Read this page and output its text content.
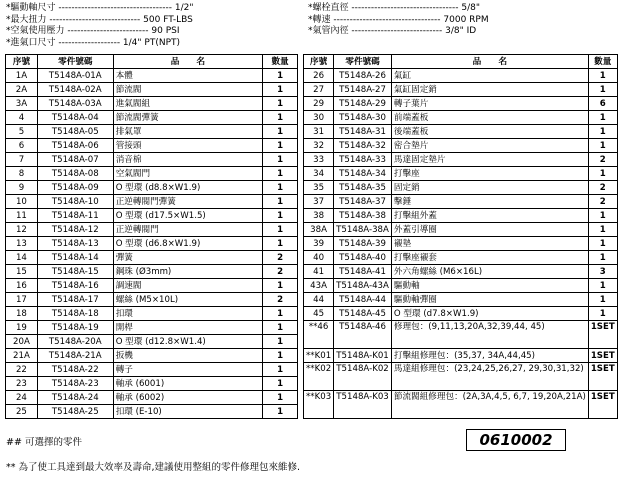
*驅動軸尺寸 ----------------------------------- 1/2"
*最大扭力 ---------------------------- 500 FT-LBS
*空氣使用壓力 ------------------------- 90 PSI
*進氣口尺寸 ------------------- 1/4" PT(NPT)
*螺栓直徑 --------------------------------- 5/8"
*轉速 --------------------------------- 7000 RPM
*氣管內徑 ---------------------------- 3/8" ID
序號	零件號碼	品　　名	數量
1A	T5148A-01A	本體	1
2A	T5148A-02A	節流閥	1
3A	T5148A-03A	進氣閥組	1
4	T5148A-04	節流閥彈簧	1
5	T5148A-05	排氣罩	1
6	T5148A-06	管接頭	1
7	T5148A-07	消音棉	1
8	T5148A-08	空氣閥門	1
9	T5148A-09	O 型環 (d8.8×W1.9)	1
10	T5148A-10	正逆轉閥門彈簧	1
11	T5148A-11	O 型環 (d17.5×W1.5)	1
12	T5148A-12	正逆轉閥門	1
13	T5148A-13	O 型環 (d6.8×W1.9)	1
14	T5148A-14	彈簧	2
15	T5148A-15	鋼珠 (Ø3mm)	2
16	T5148A-16	調速閥	1
17	T5148A-17	螺絲 (M5×10L)	2
18	T5148A-18	扣環	1
19	T5148A-19	開桿	1
20A	T5148A-20A	O 型環 (d12.8×W1.4)	1
21A	T5148A-21A	扳機	1
22	T5148A-22	轉子	1
23	T5148A-23	軸承 (6001)	1
24	T5148A-24	軸承 (6002)	1
25	T5148A-25	扣環 (E-10)	1
序號	零件號碼	品　　名	數量
26	T5148A-26	氣缸	1
27	T5148A-27	氣缸固定銷	1
29	T5148A-29	轉子葉片	6
30	T5148A-30	前端蓋板	1
31	T5148A-31	後端蓋板	1
32	T5148A-32	密合墊片	1
33	T5148A-33	馬達固定墊片	2
34	T5148A-34	打擊座	1
35	T5148A-35	固定銷	2
37	T5148A-37	擊錘	2
38	T5148A-38	打擊組外蓋	1
38A	T5148A-38A	外蓋引導圈	1
39	T5148A-39	襯墊	1
40	T5148A-40	打擊座襯套	1
41	T5148A-41	外六角螺絲 (M6×16L)	3
43A	T5148A-43A	驅動軸	1
44	T5148A-44	驅動軸彈圈	1
45	T5148A-45	O 型環 (d7.8×W1.9)	1
**46	T5148A-46	修理包：(9,11,13,20A,32,39,44, 45)	1SET
**K01	T5148A-K01	打擊組修理包：(35,37, 34A,44,45)	1SET
**K02	T5148A-K02	馬達組修理包：(23,24,25,26,27, 29,30,31,32)	1SET
**K03	T5148A-K03	節流閥組修理包：(2A,3A,4,5, 6,7, 19,20A,21A)	1SET
## 可選擇的零件	0610002
** 為了使工具達到最大效率及壽命,建議使用整組的零件修理包來維修.
